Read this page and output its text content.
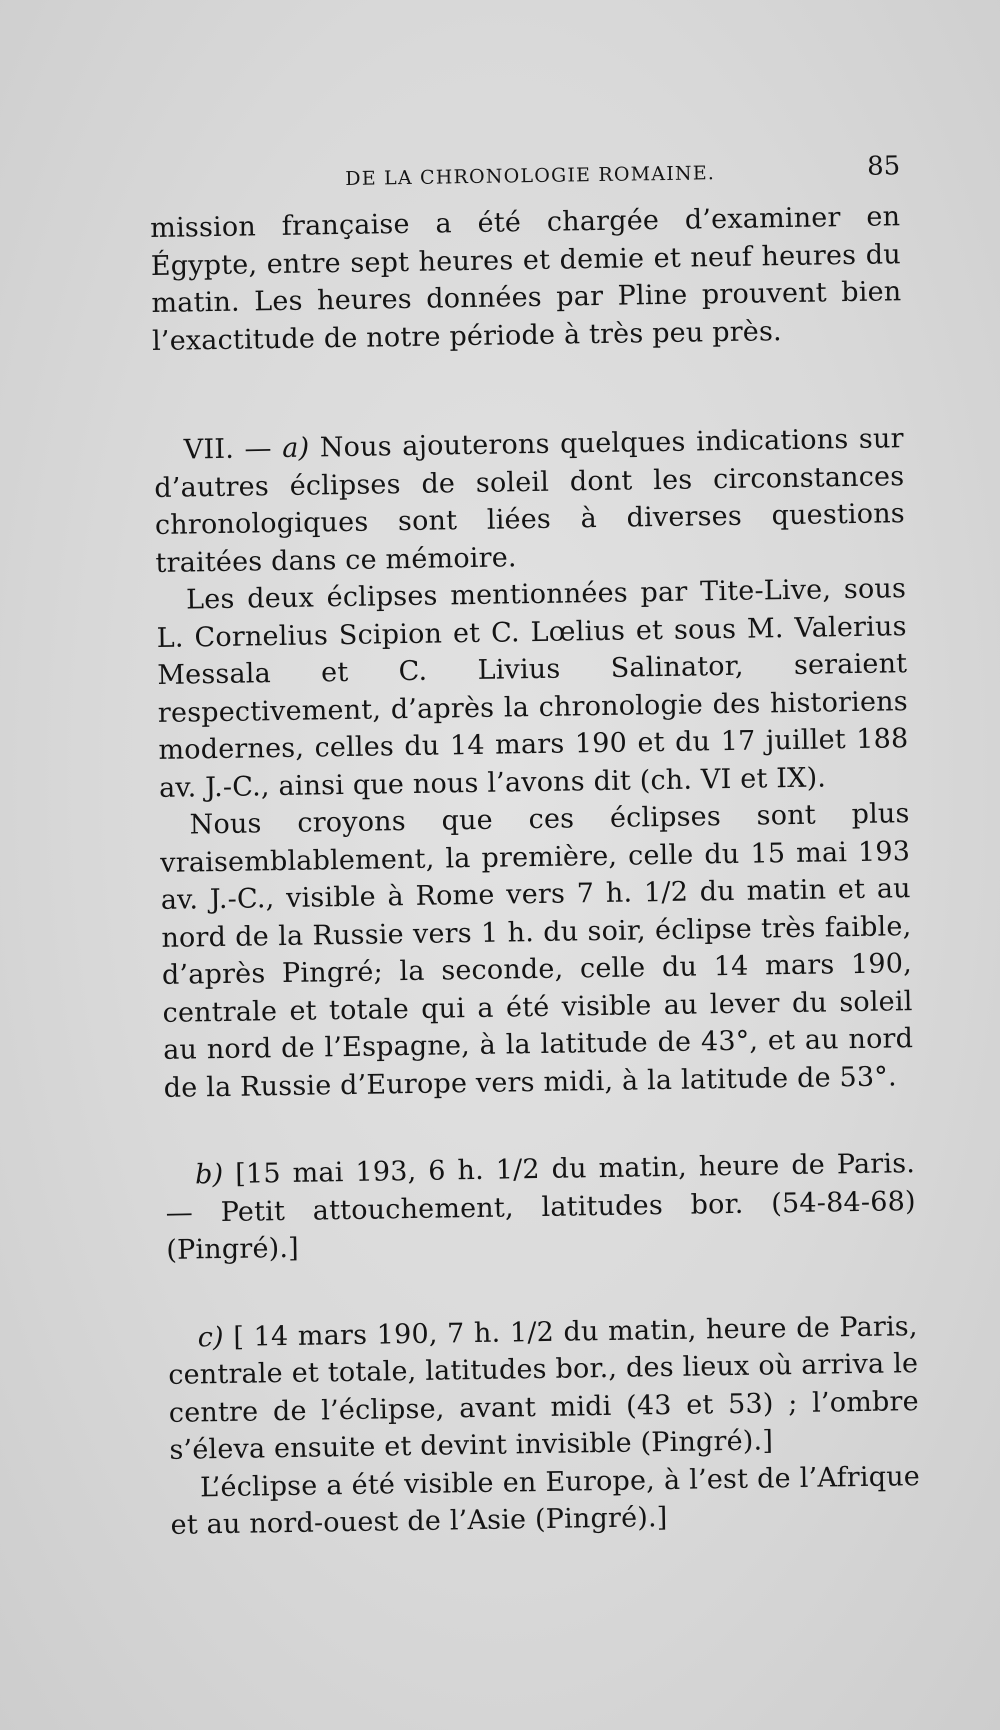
DE LA CHRONOLOGIE ROMAINE.	85

mission française a été chargée d’examiner en Égypte, entre sept heures et demie et neuf heures du matin. Les heures données par Pline prouvent bien l’exactitude de notre période à très peu près.

VII. — a) Nous ajouterons quelques indications sur d’autres éclipses de soleil dont les circonstances chronologiques sont liées à diverses questions traitées dans ce mémoire.

Les deux éclipses mentionnées par Tite-Live, sous L. Cornelius Scipion et C. Lœlius et sous M. Valerius Messala et C. Livius Salinator, seraient respectivement, d’après la chronologie des historiens modernes, celles du 14 mars 190 et du 17 juillet 188 av. J.-C., ainsi que nous l’avons dit (ch. VI et IX).

Nous croyons que ces éclipses sont plus vraisemblablement, la première, celle du 15 mai 193 av. J.-C., visible à Rome vers 7 h. 1/2 du matin et au nord de la Russie vers 1 h. du soir, éclipse très faible, d’après Pingré; la seconde, celle du 14 mars 190, centrale et totale qui a été visible au lever du soleil au nord de l’Espagne, à la latitude de 43°, et au nord de la Russie d’Europe vers midi, à la latitude de 53°.

b) [15 mai 193, 6 h. 1/2 du matin, heure de Paris. — Petit attouchement, latitudes bor. (54-84-68) (Pingré).]

c) [ 14 mars 190, 7 h. 1/2 du matin, heure de Paris, centrale et totale, latitudes bor., des lieux où arriva le centre de l’éclipse, avant midi (43 et 53) ; l’ombre s’éleva ensuite et devint invisible (Pingré).]

L’éclipse a été visible en Europe, à l’est de l’Afrique et au nord-ouest de l’Asie (Pingré).]
